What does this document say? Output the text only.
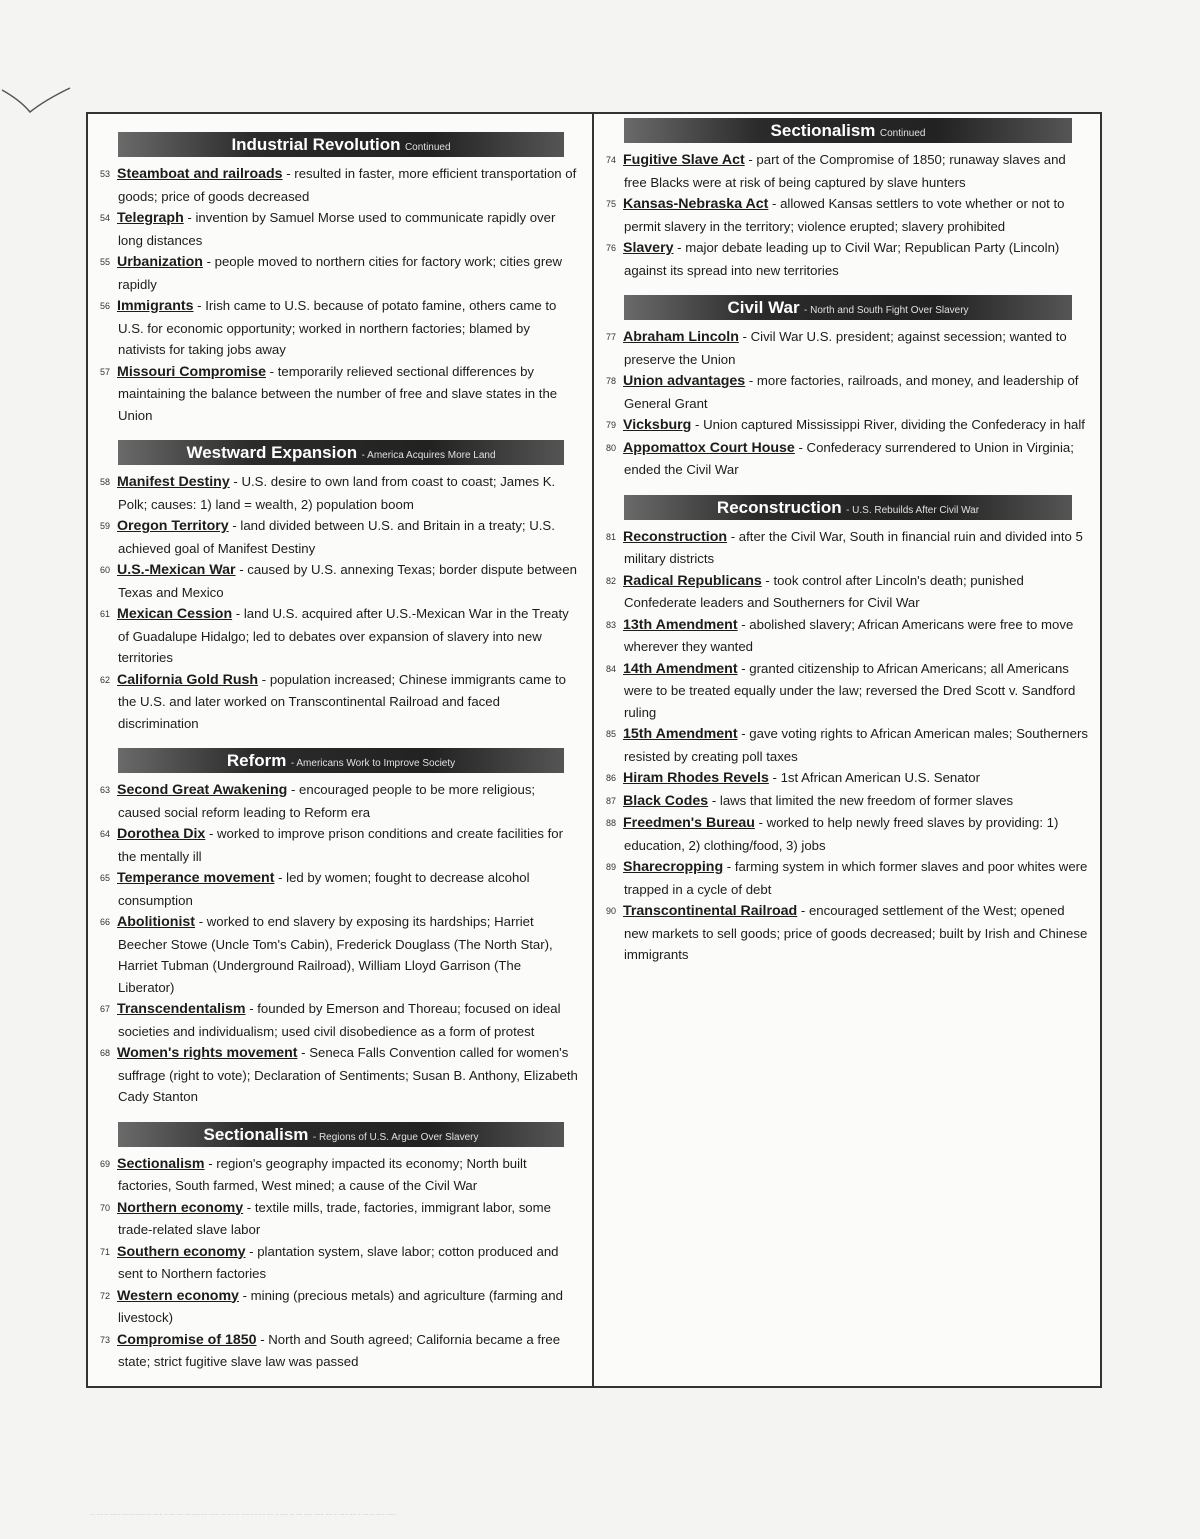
Industrial Revolution Continued
53 Steamboat and railroads - resulted in faster, more efficient transportation of goods; price of goods decreased
54 Telegraph - invention by Samuel Morse used to communicate rapidly over long distances
55 Urbanization - people moved to northern cities for factory work; cities grew rapidly
56 Immigrants - Irish came to U.S. because of potato famine, others came to U.S. for economic opportunity; worked in northern factories; blamed by nativists for taking jobs away
57 Missouri Compromise - temporarily relieved sectional differences by maintaining the balance between the number of free and slave states in the Union
Westward Expansion - America Acquires More Land
58 Manifest Destiny - U.S. desire to own land from coast to coast; James K. Polk; causes: 1) land = wealth, 2) population boom
59 Oregon Territory - land divided between U.S. and Britain in a treaty; U.S. achieved goal of Manifest Destiny
60 U.S.-Mexican War - caused by U.S. annexing Texas; border dispute between Texas and Mexico
61 Mexican Cession - land U.S. acquired after U.S.-Mexican War in the Treaty of Guadalupe Hidalgo; led to debates over expansion of slavery into new territories
62 California Gold Rush - population increased; Chinese immigrants came to the U.S. and later worked on Transcontinental Railroad and faced discrimination
Reform - Americans Work to Improve Society
63 Second Great Awakening - encouraged people to be more religious; caused social reform leading to Reform era
64 Dorothea Dix - worked to improve prison conditions and create facilities for the mentally ill
65 Temperance movement - led by women; fought to decrease alcohol consumption
66 Abolitionist - worked to end slavery by exposing its hardships; Harriet Beecher Stowe (Uncle Tom's Cabin), Frederick Douglass (The North Star), Harriet Tubman (Underground Railroad), William Lloyd Garrison (The Liberator)
67 Transcendentalism - founded by Emerson and Thoreau; focused on ideal societies and individualism; used civil disobedience as a form of protest
68 Women's rights movement - Seneca Falls Convention called for women's suffrage (right to vote); Declaration of Sentiments; Susan B. Anthony, Elizabeth Cady Stanton
Sectionalism - Regions of U.S. Argue Over Slavery
69 Sectionalism - region's geography impacted its economy; North built factories, South farmed, West mined; a cause of the Civil War
70 Northern economy - textile mills, trade, factories, immigrant labor, some trade-related slave labor
71 Southern economy - plantation system, slave labor; cotton produced and sent to Northern factories
72 Western economy - mining (precious metals) and agriculture (farming and livestock)
73 Compromise of 1850 - North and South agreed; California became a free state; strict fugitive slave law was passed
Sectionalism Continued
74 Fugitive Slave Act - part of the Compromise of 1850; runaway slaves and free Blacks were at risk of being captured by slave hunters
75 Kansas-Nebraska Act - allowed Kansas settlers to vote whether or not to permit slavery in the territory; violence erupted; slavery prohibited
76 Slavery - major debate leading up to Civil War; Republican Party (Lincoln) against its spread into new territories
Civil War - North and South Fight Over Slavery
77 Abraham Lincoln - Civil War U.S. president; against secession; wanted to preserve the Union
78 Union advantages - more factories, railroads, and money, and leadership of General Grant
79 Vicksburg - Union captured Mississippi River, dividing the Confederacy in half
80 Appomattox Court House - Confederacy surrendered to Union in Virginia; ended the Civil War
Reconstruction - U.S. Rebuilds After Civil War
81 Reconstruction - after the Civil War, South in financial ruin and divided into 5 military districts
82 Radical Republicans - took control after Lincoln's death; punished Confederate leaders and Southerners for Civil War
83 13th Amendment - abolished slavery; African Americans were free to move wherever they wanted
84 14th Amendment - granted citizenship to African Americans; all Americans were to be treated equally under the law; reversed the Dred Scott v. Sandford ruling
85 15th Amendment - gave voting rights to African American males; Southerners resisted by creating poll taxes
86 Hiram Rhodes Revels - 1st African American U.S. Senator
87 Black Codes - laws that limited the new freedom of former slaves
88 Freedmen's Bureau - worked to help newly freed slaves by providing: 1) education, 2) clothing/food, 3) jobs
89 Sharecropping - farming system in which former slaves and poor whites were trapped in a cycle of debt
90 Transcontinental Railroad - encouraged settlement of the West; opened new markets to sell goods; price of goods decreased; built by Irish and Chinese immigrants
··· ···· ·· ······· ···· ··· ····· ··· ······ ·· ···· ···· ··· ····· ···· ······ ··· ···· ··· ····· ···· ···· ···· ·· ····· ··· ···· ····· ······ ···· ··· ····· ···· ·· ···· ··· ····· ······
